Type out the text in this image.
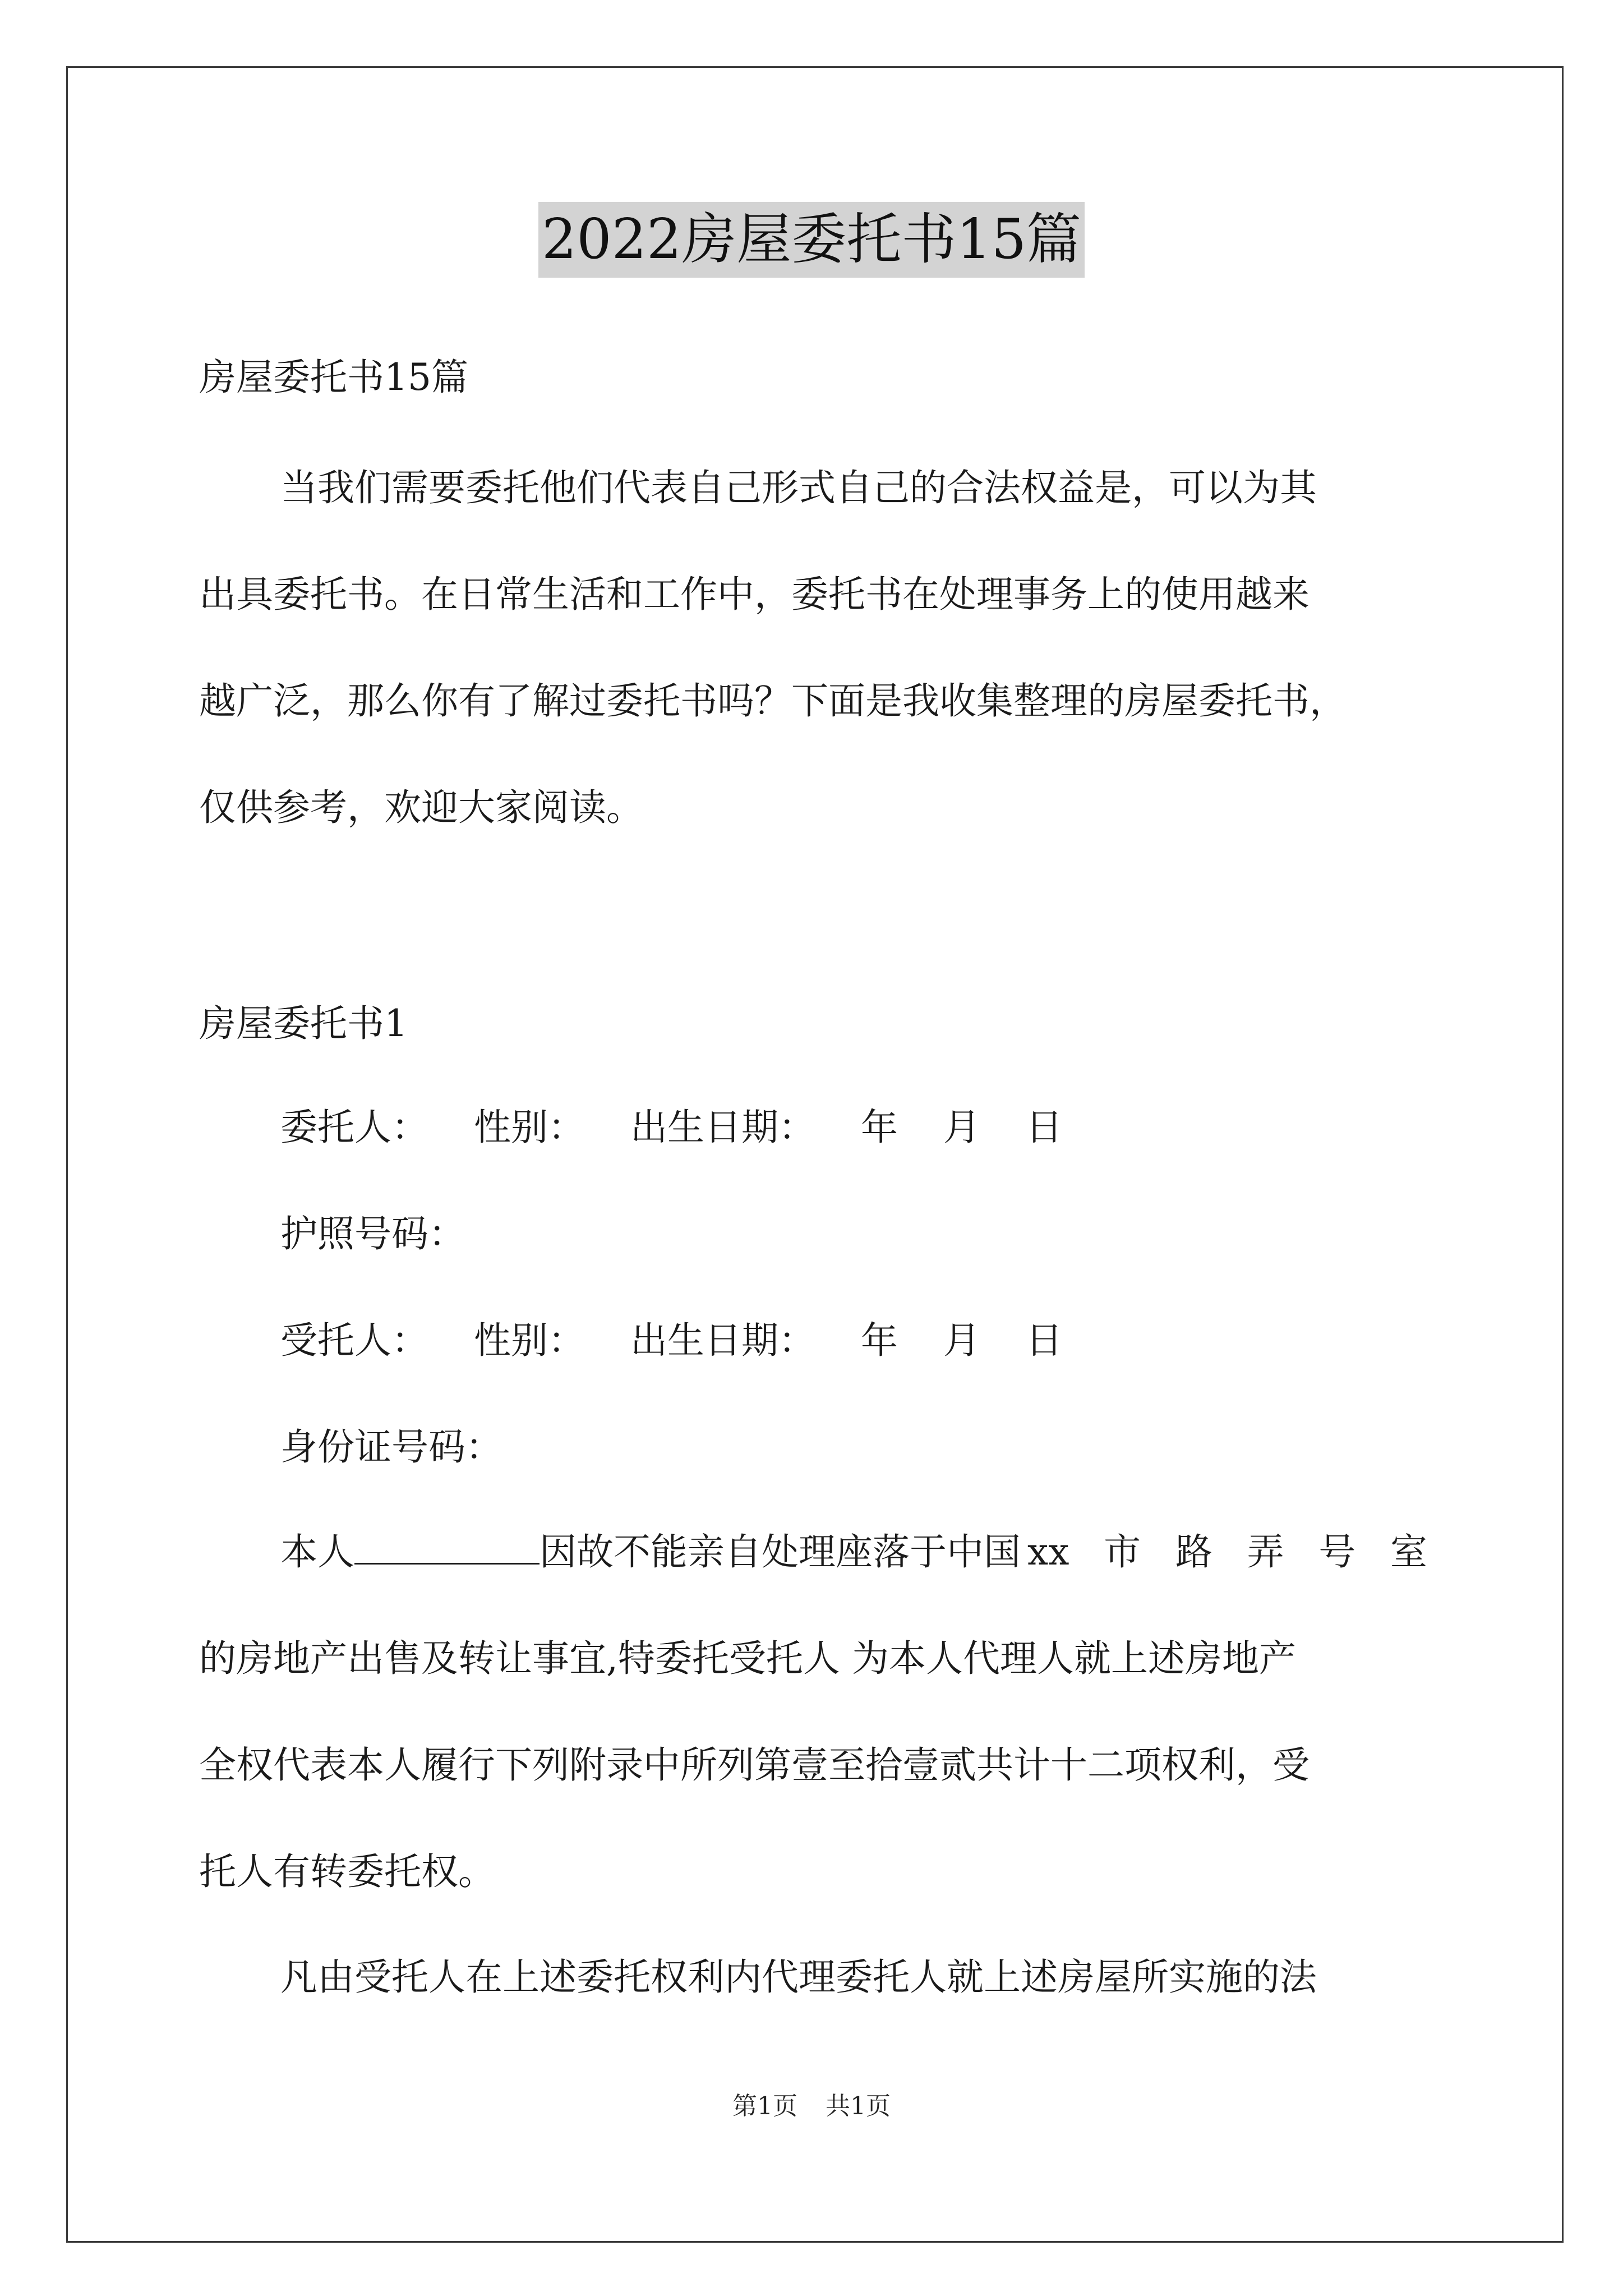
2022房屋委托书15篇
房屋委托书15篇
当我们需要委托他们代表自己形式自己的合法权益是，可以为其
出具委托书。在日常生活和工作中，委托书在处理事务上的使用越来
越广泛，那么你有了解过委托书吗？下面是我收集整理的房屋委托书，
仅供参考，欢迎大家阅读。
房屋委托书1
委托人： 性别： 出生日期： 年 月 日
护照号码：
受托人： 性别： 出生日期： 年 月 日
身份证号码：
本人	因故不能亲自处理座落于中国 xx 市 路 弄 号 室
的房地产出售及转让事宜,特委托受托人 为本人代理人就上述房地产
全权代表本人履行下列附录中所列第壹至拾壹贰共计十二项权利，受
托人有转委托权。
凡由受托人在上述委托权利内代理委托人就上述房屋所实施的法
第1页 共1页
